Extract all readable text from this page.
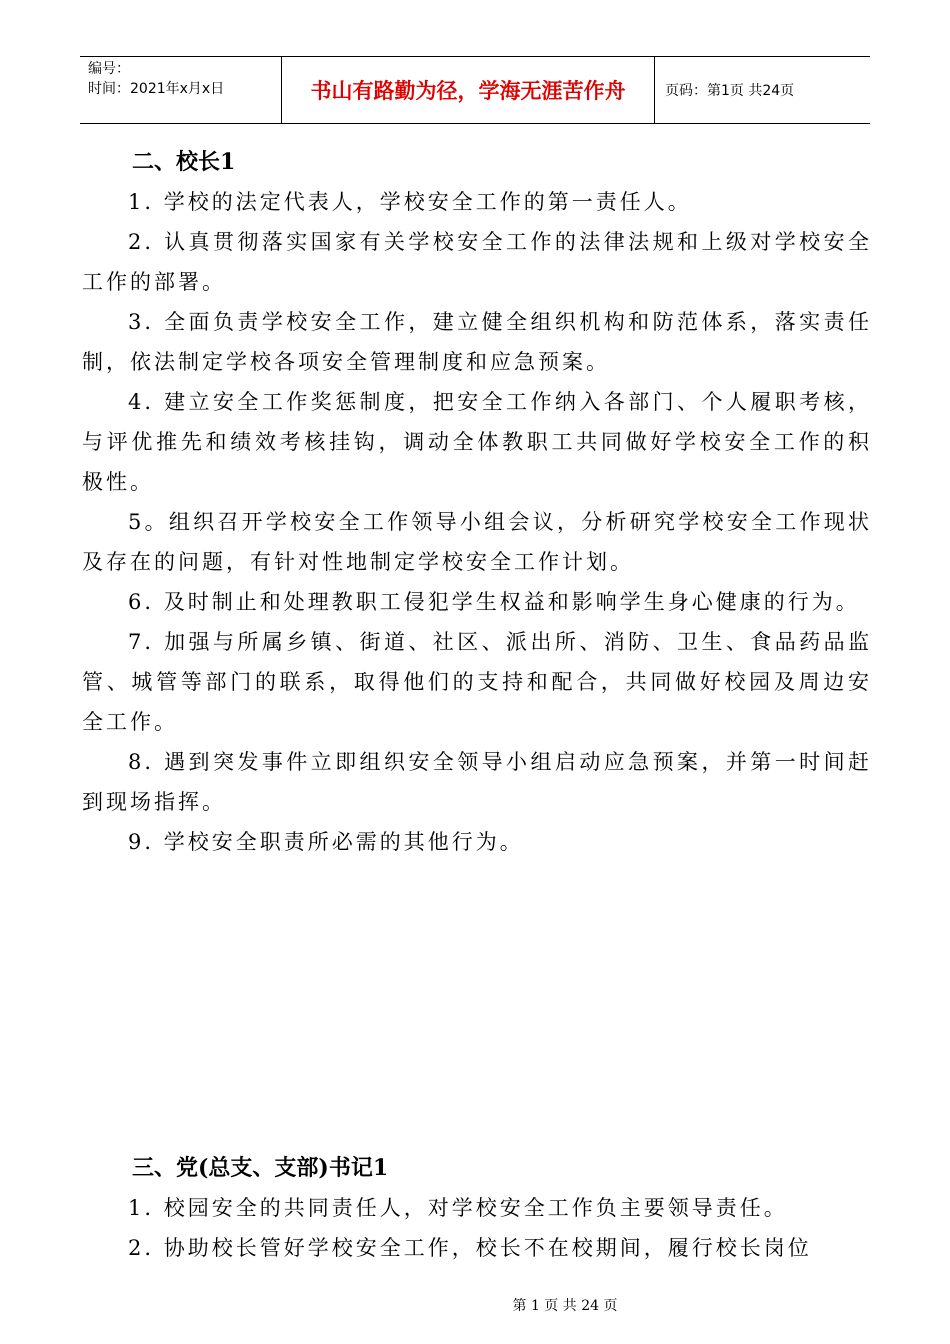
编号：
时间：2021年x月x日	书山有路勤为径，学海无涯苦作舟	页码：第1页 共24页

二、校长1

1. 学校的法定代表人，学校安全工作的第一责任人。

2. 认真贯彻落实国家有关学校安全工作的法律法规和上级对学校安全工作的部署。

3. 全面负责学校安全工作，建立健全组织机构和防范体系，落实责任制，依法制定学校各项安全管理制度和应急预案。

4. 建立安全工作奖惩制度，把安全工作纳入各部门、个人履职考核，与评优推先和绩效考核挂钩，调动全体教职工共同做好学校安全工作的积极性。

5。组织召开学校安全工作领导小组会议，分析研究学校安全工作现状及存在的问题，有针对性地制定学校安全工作计划。

6. 及时制止和处理教职工侵犯学生权益和影响学生身心健康的行为。

7. 加强与所属乡镇、街道、社区、派出所、消防、卫生、食品药品监管、城管等部门的联系，取得他们的支持和配合，共同做好校园及周边安全工作。

8. 遇到突发事件立即组织安全领导小组启动应急预案，并第一时间赶到现场指挥。

9. 学校安全职责所必需的其他行为。

三、党(总支、支部)书记1

1. 校园安全的共同责任人，对学校安全工作负主要领导责任。

2. 协助校长管好学校安全工作，校长不在校期间，履行校长岗位

第 1 页 共 24 页
